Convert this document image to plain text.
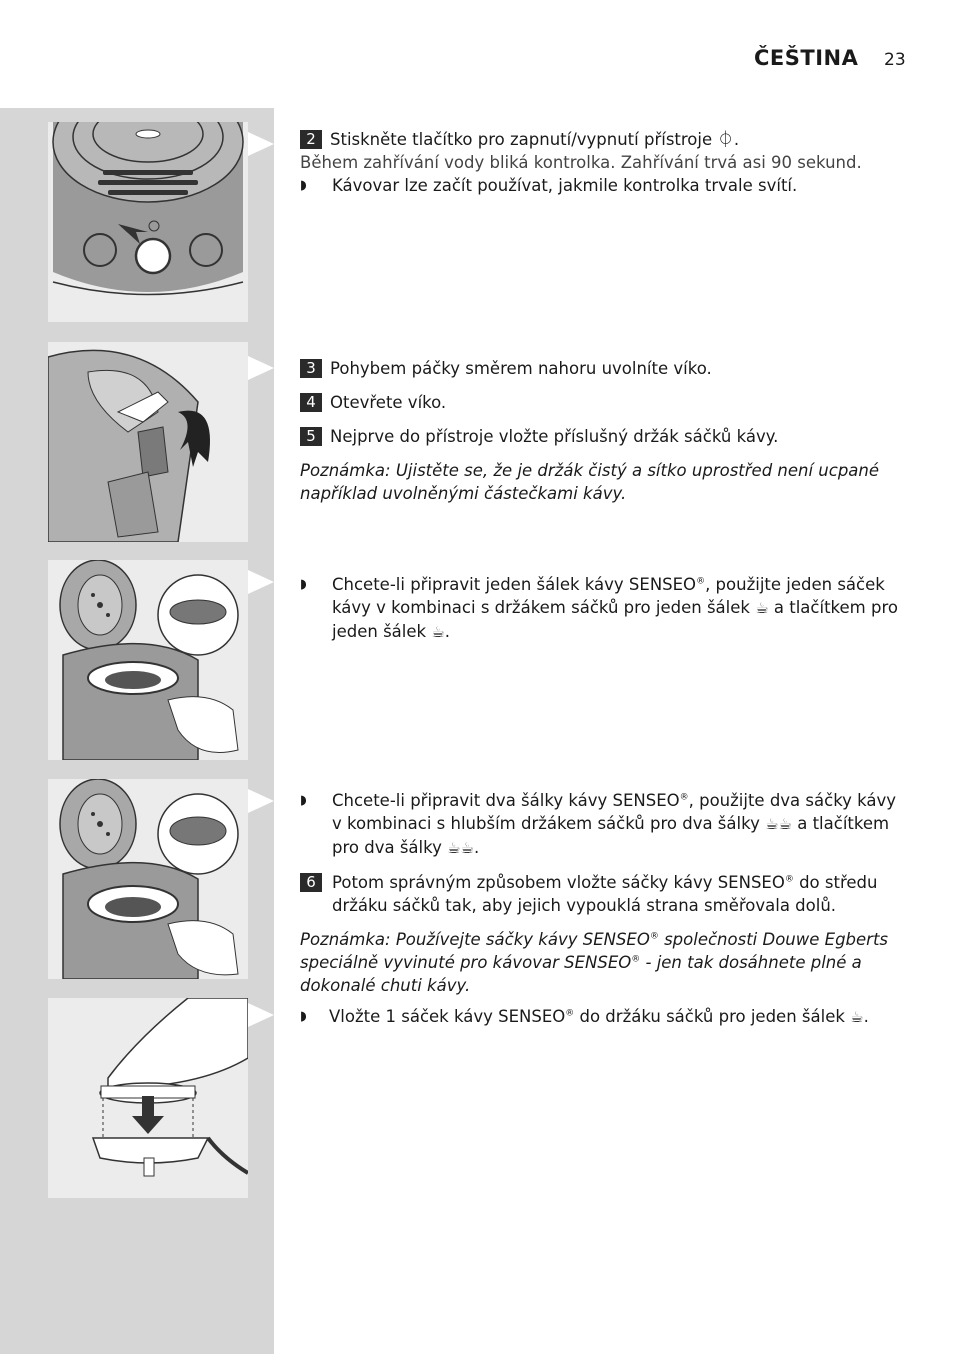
ČEŠTINA 23
2 Stiskněte tlačítko pro zapnutí/vypnutí přístroje ⏀.
Během zahřívání vody bliká kontrolka. Zahřívání trvá asi 90 sekund.
◗ Kávovar lze začít používat, jakmile kontrolka trvale svítí.
3 Pohybem páčky směrem nahoru uvolníte víko.
4 Otevřete víko.
5 Nejprve do přístroje vložte příslušný držák sáčků kávy.
Poznámka: Ujistěte se, že je držák čistý a sítko uprostřed není ucpané například uvolněnými částečkami kávy.
◗ Chcete-li připravit jeden šálek kávy SENSEO®, použijte jeden sáček kávy v kombinaci s držákem sáčků pro jeden šálek ☕ a tlačítkem pro jeden šálek ☕.
◗ Chcete-li připravit dva šálky kávy SENSEO®, použijte dva sáčky kávy v kombinaci s hlubším držákem sáčků pro dva šálky ☕☕ a tlačítkem pro dva šálky ☕☕.
6 Potom správným způsobem vložte sáčky kávy SENSEO® do středu držáku sáčků tak, aby jejich vypouklá strana směřovala dolů.
Poznámka: Používejte sáčky kávy SENSEO® společnosti Douwe Egberts speciálně vyvinuté pro kávovar SENSEO® - jen tak dosáhnete plné a dokonalé chuti kávy.
◗ Vložte 1 sáček kávy SENSEO® do držáku sáčků pro jeden šálek ☕.
